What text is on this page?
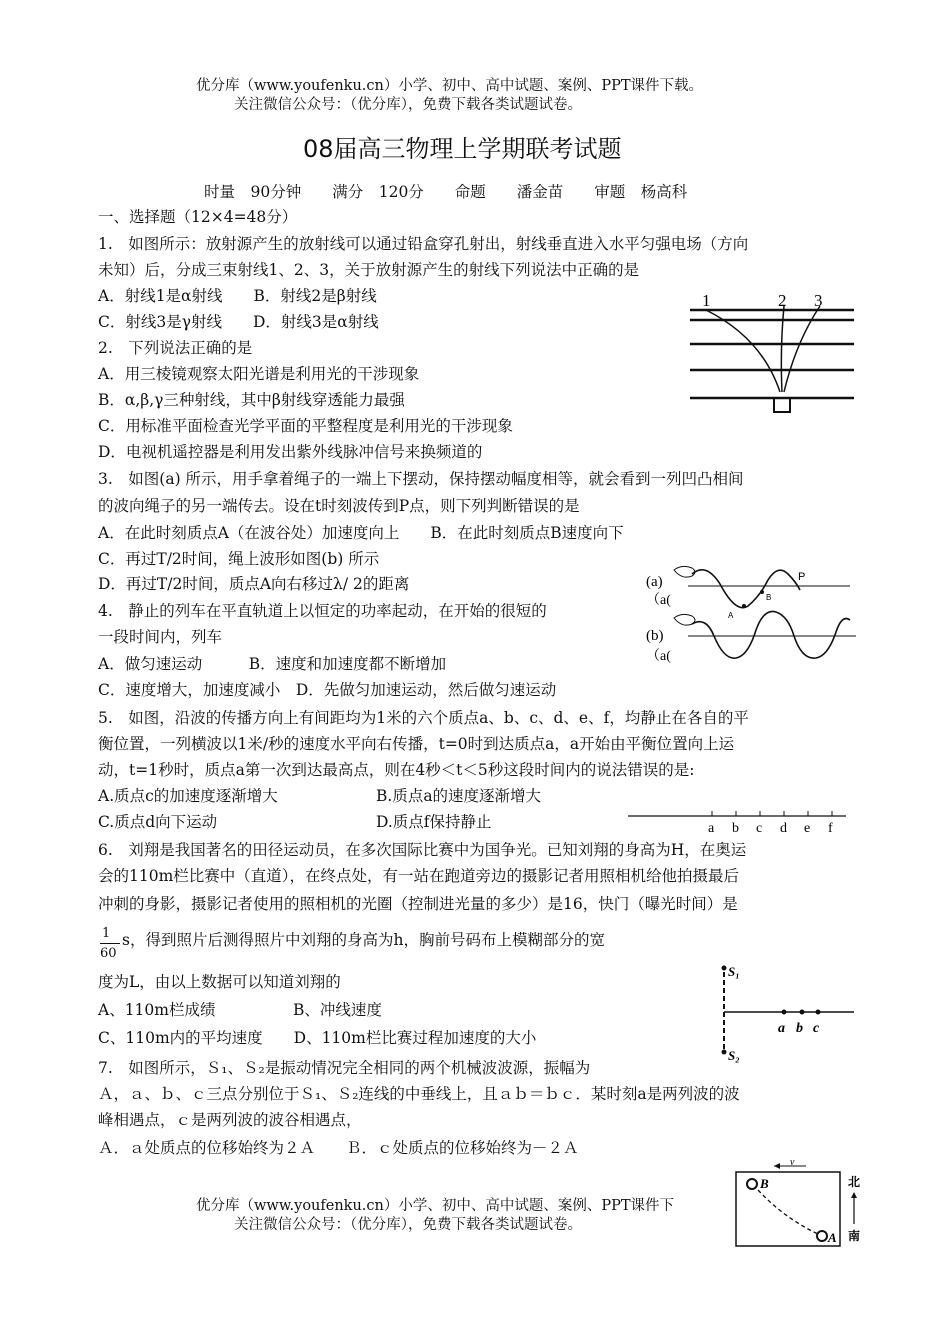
优分库（www.youfenku.cn）小学、初中、高中试题、案例、PPT课件下载。
关注微信公众号：（优分库），免费下载各类试题试卷。
08届高三物理上学期联考试题
时量　90分钟　　满分　120分　　命题　　潘金苗　　审题　杨高科
一、选择题（12×4=48分）
1.　如图所示：放射源产生的放射线可以通过铅盒穿孔射出，射线垂直进入水平匀强电场（方向
未知）后，分成三束射线1、2、3，关于放射源产生的射线下列说法中正确的是
A．射线1是α射线　　B．射线2是β射线
C．射线3是γ射线　　D．射线3是α射线
1	2 3
2.　下列说法正确的是
A．用三棱镜观察太阳光谱是利用光的干涉现象
B．α,β,γ三种射线，其中β射线穿透能力最强
C．用标准平面检查光学平面的平整程度是利用光的干涉现象
D．电视机遥控器是利用发出紫外线脉冲信号来换频道的
3.　如图(a) 所示，用手拿着绳子的一端上下摆动，保持摆动幅度相等，就会看到一列凹凸相间
的波向绳子的另一端传去。设在t时刻波传到P点，则下列判断错误的是
A．在此时刻质点A（在波谷处）加速度向上　　B．在此时刻质点B速度向下
C．再过T/2时间，绳上波形如图(b) 所示
D．再过T/2时间，质点A向右移过λ/ 2的距离	(a)
（a(
(b)
（a(
A
B
P
4.　静止的列车在平直轨道上以恒定的功率起动，在开始的很短的
一段时间内，列车
A．做匀速运动　　　B．速度和加速度都不断增加
C．速度增大，加速度减小　D．先做匀加速运动，然后做匀速运动
5.　如图，沿波的传播方向上有间距均为1米的六个质点a、b、c、d、e、f，均静止在各自的平
衡位置，一列横波以1米/秒的速度水平向右传播，t=0时到达质点a，a开始由平衡位置向上运
动，t=1秒时，质点a第一次到达最高点，则在4秒＜t＜5秒这段时间内的说法错误的是:
A.质点c的加速度逐渐增大	B.质点a的速度逐渐增大
C.质点d向下运动	D.质点f保持静止	a b c d e f
6.　刘翔是我国著名的田径运动员，在多次国际比赛中为国争光。已知刘翔的身高为H，在奥运
会的110m栏比赛中（直道），在终点处，有一站在跑道旁边的摄影记者用照相机给他拍摄最后
冲刺的身影，摄影记者使用的照相机的光圈（控制进光量的多少）是16，快门（曝光时间）是
1
60
s，得到照片后测得照片中刘翔的身高为h，胸前号码布上模糊部分的宽
度为L，由以上数据可以知道刘翔的
A、110m栏成绩　　　　　B、冲线速度
C、110m内的平均速度　　D、110m栏比赛过程加速度的大小
S₁
S₂
a b c
7.　如图所示，Ｓ₁、Ｓ₂是振动情况完全相同的两个机械波波源，振幅为
Ａ，ａ、ｂ、ｃ三点分别位于Ｓ₁、Ｓ₂连线的中垂线上，且ａｂ＝ｂｃ．某时刻a是两列波的波
峰相遇点，ｃ是两列波的波谷相遇点，
Ａ．ａ处质点的位移始终为２Ａ　　Ｂ．ｃ处质点的位移始终为－２Ａ
优分库（www.youfenku.cn）小学、初中、高中试题、案例、PPT课件下
关注微信公众号：（优分库），免费下载各类试题试卷。
v
B
A
北
南
